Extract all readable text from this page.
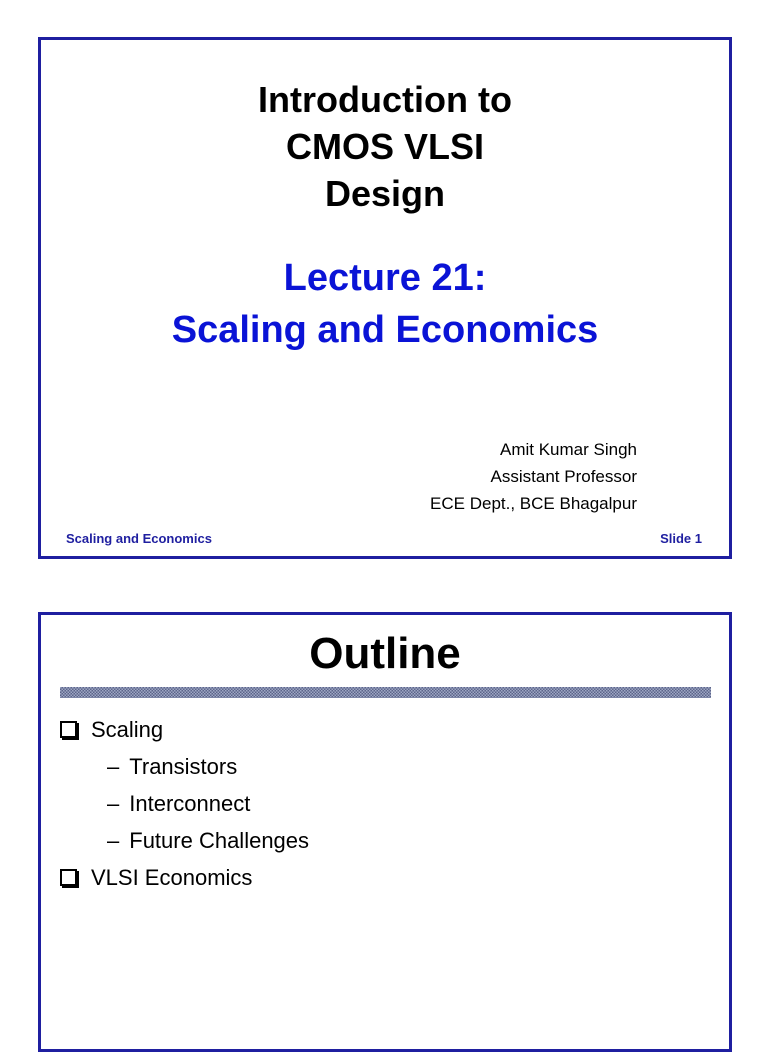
Introduction to
CMOS VLSI
Design
Lecture 21:
Scaling and Economics
Amit Kumar Singh
Assistant Professor
ECE Dept., BCE Bhagalpur
Scaling and Economics	Slide 1
Outline
Scaling
– Transistors
– Interconnect
– Future Challenges
VLSI Economics
